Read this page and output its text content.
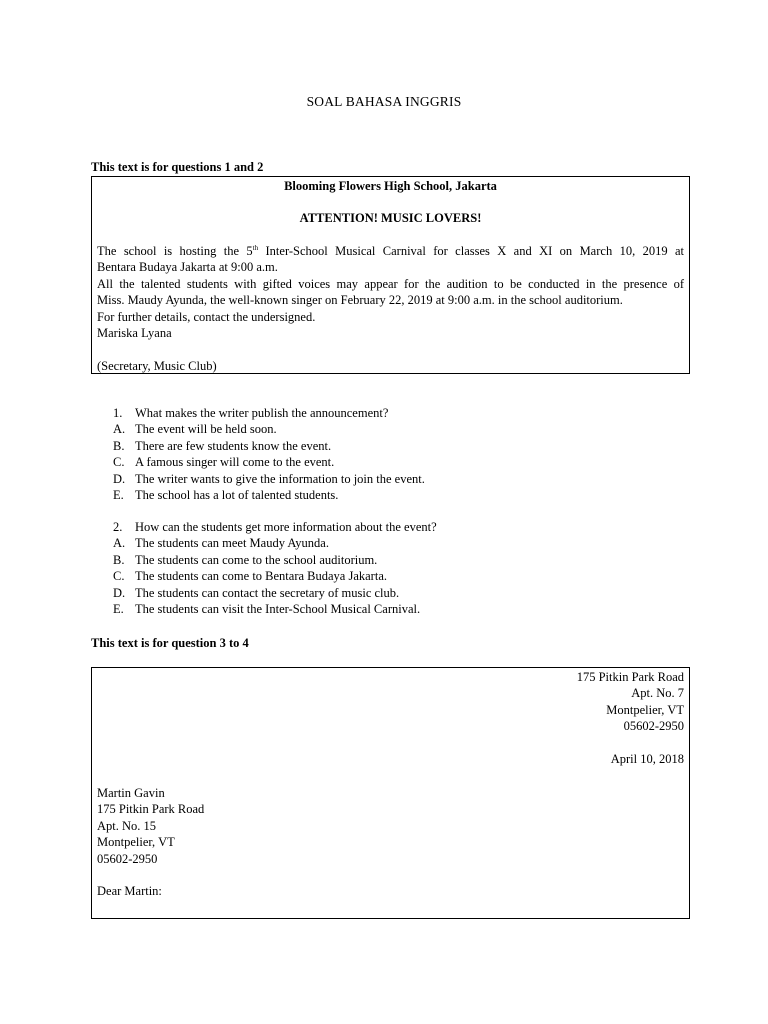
SOAL BAHASA INGGRIS
This text is for questions 1 and 2
Blooming Flowers High School, Jakarta
ATTENTION! MUSIC LOVERS!
The school is hosting the 5th Inter-School Musical Carnival for classes X and XI on March 10, 2019 at
Bentara Budaya Jakarta at 9:00 a.m.
All the talented students with gifted voices may appear for the audition to be conducted in the presence of
Miss. Maudy Ayunda, the well-known singer on February 22, 2019 at 9:00 a.m. in the school auditorium.
For further details, contact the undersigned.
Mariska Lyana
(Secretary, Music Club)
1.	What makes the writer publish the announcement?
A. The event will be held soon.
B. There are few students know the event.
C. A famous singer will come to the event.
D. The writer wants to give the information to join the event.
E. The school has a lot of talented students.
2.	How can the students get more information about the event?
A. The students can meet Maudy Ayunda.
B. The students can come to the school auditorium.
C. The students can come to Bentara Budaya Jakarta.
D. The students can contact the secretary of music club.
E. The students can visit the Inter-School Musical Carnival.
This text is for question 3 to 4
175 Pitkin Park Road
Apt. No. 7
Montpelier, VT
05602-2950
April 10, 2018
Martin Gavin
175 Pitkin Park Road
Apt. No. 15
Montpelier, VT
05602-2950
Dear Martin:
